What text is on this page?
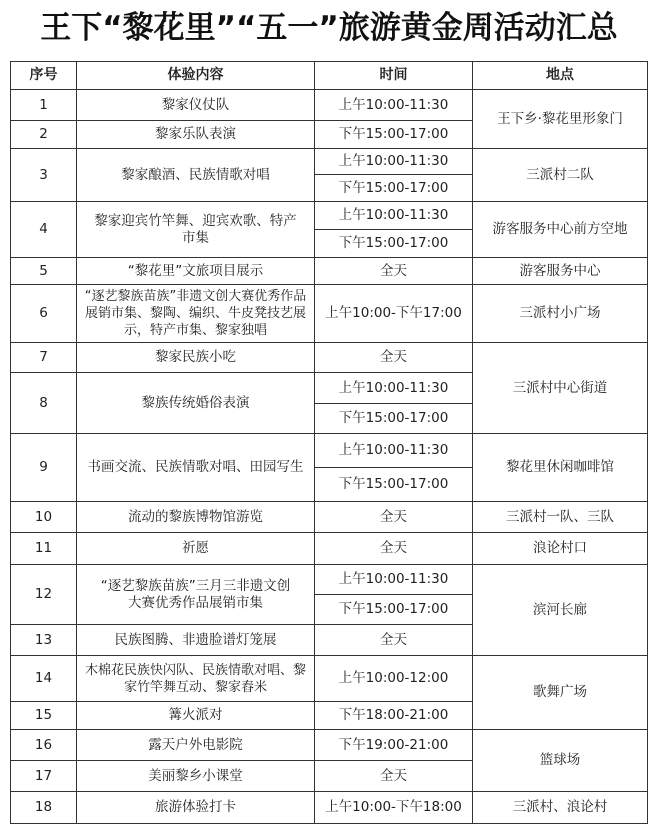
王下“黎花里”“五一”旅游黄金周活动汇总
序号	体验内容	时间	地点
1	黎家仪仗队	上午10:00-11:30	王下乡·黎花里形象门
2	黎家乐队表演	下午15:00-17:00	
3	黎家酿酒、民族情歌对唱	上午10:00-11:30	三派村二队
		下午15:00-17:00	
4	黎家迎宾竹竿舞、迎宾欢歌、特产市集	上午10:00-11:30	游客服务中心前方空地
		下午15:00-17:00	
5	“黎花里”文旅项目展示	全天	游客服务中心
6	“逐艺黎族苗族”非遗文创大赛优秀作品展销市集、黎陶、编织、牛皮凳技艺展示，特产市集、黎家独唱	上午10:00-下午17:00	三派村小广场
7	黎家民族小吃	全天	三派村中心街道
8	黎族传统婚俗表演	上午10:00-11:30	
		下午15:00-17:00	
9	书画交流、民族情歌对唱、田园写生	上午10:00-11:30	黎花里休闲咖啡馆
		下午15:00-17:00	
10	流动的黎族博物馆游览	全天	三派村一队、三队
11	祈愿	全天	浪论村口
12	“逐艺黎族苗族”三月三非遗文创大赛优秀作品展销市集	上午10:00-11:30	滨河长廊
		下午15:00-17:00	
13	民族图腾、非遗脸谱灯笼展	全天	
14	木棉花民族快闪队、民族情歌对唱、黎家竹竿舞互动、黎家舂米	上午10:00-12:00	歌舞广场
15	篝火派对	下午18:00-21:00	
16	露天户外电影院	下午19:00-21:00	篮球场
17	美丽黎乡小课堂	全天	
18	旅游体验打卡	上午10:00-下午18:00	三派村、浪论村
